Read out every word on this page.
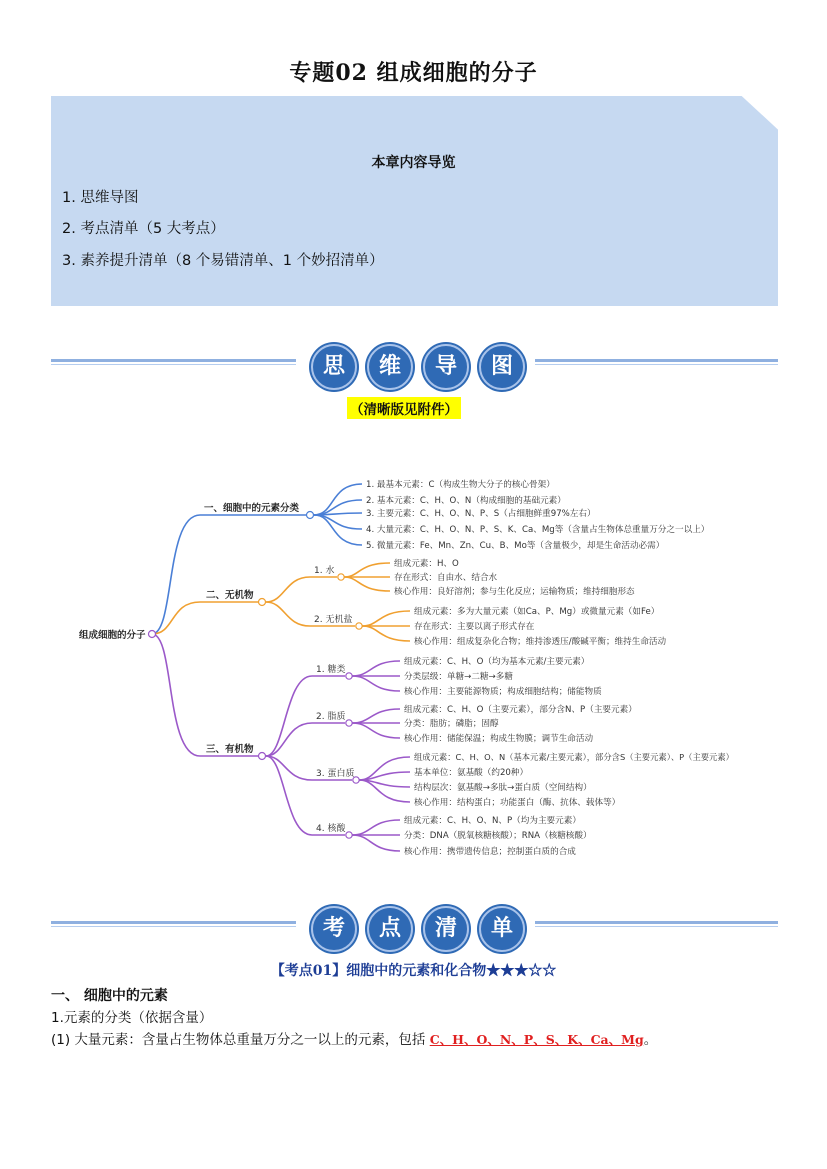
专题02 组成细胞的分子
本章内容导览
1. 思维导图
2. 考点清单（5 大考点）
3. 素养提升清单（8 个易错清单、1 个妙招清单）
思	维	导	图
（清晰版见附件）
组成细胞的分子
一、细胞中的元素分类
1. 最基本元素：C（构成生物大分子的核心骨架）
2. 基本元素：C、H、O、N（构成细胞的基础元素）
3. 主要元素：C、H、O、N、P、S（占细胞鲜重97%左右）
4. 大量元素：C、H、O、N、P、S、K、Ca、Mg等（含量占生物体总重量万分之一以上）
5. 微量元素：Fe、Mn、Zn、Cu、B、Mo等（含量极少，却是生命活动必需）
二、无机物
1. 水
组成元素：H、O
存在形式：自由水、结合水
核心作用：良好溶剂；参与生化反应；运输物质；维持细胞形态
2. 无机盐
组成元素：多为大量元素（如Ca、P、Mg）或微量元素（如Fe）
存在形式：主要以离子形式存在
核心作用：组成复杂化合物；维持渗透压/酸碱平衡；维持生命活动
三、有机物
1. 糖类
组成元素：C、H、O（均为基本元素/主要元素）
分类层级：单糖→二糖→多糖
核心作用：主要能源物质；构成细胞结构；储能物质
2. 脂质
组成元素：C、H、O（主要元素），部分含N、P（主要元素）
分类：脂肪；磷脂；固醇
核心作用：储能保温；构成生物膜；调节生命活动
3. 蛋白质
组成元素：C、H、O、N（基本元素/主要元素），部分含S（主要元素）、P（主要元素）
基本单位：氨基酸（约20种）
结构层次：氨基酸→多肽→蛋白质（空间结构）
核心作用：结构蛋白；功能蛋白（酶、抗体、载体等）
4. 核酸
组成元素：C、H、O、N、P（均为主要元素）
分类：DNA（脱氧核糖核酸）；RNA（核糖核酸）
核心作用：携带遗传信息；控制蛋白质的合成
考	点	清	单
【考点01】细胞中的元素和化合物★★★☆☆
一、 细胞中的元素
1.元素的分类（依据含量）
(1) 大量元素：含量占生物体总重量万分之一以上的元素，包括 C、H、O、N、P、S、K、Ca、Mg。
